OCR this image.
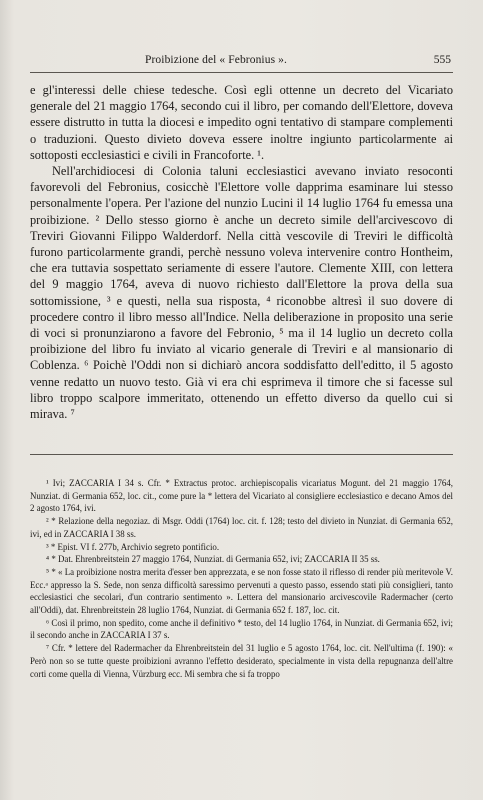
Proibizione del « Febronius ».	555

e gl'interessi delle chiese tedesche. Così egli ottenne un decreto del Vicariato generale del 21 maggio 1764, secondo cui il libro, per comando dell'Elettore, doveva essere distrutto in tutta la diocesi e impedito ogni tentativo di stampare complementi o traduzioni. Questo divieto doveva essere inoltre ingiunto particolarmente ai sottoposti ecclesiastici e civili in Francoforte. ¹.

Nell'archidiocesi di Colonia taluni ecclesiastici avevano inviato resoconti favorevoli del Febronius, cosicchè l'Elettore volle dapprima esaminare lui stesso personalmente l'opera. Per l'azione del nunzio Lucini il 14 luglio 1764 fu emessa una proibizione. ² Dello stesso giorno è anche un decreto simile dell'arcivescovo di Treviri Giovanni Filippo Walderdorf. Nella città vescovile di Treviri le difficoltà furono particolarmente grandi, perchè nessuno voleva intervenire contro Hontheim, che era tuttavia sospettato seriamente di essere l'autore. Clemente XIII, con lettera del 9 maggio 1764, aveva di nuovo richiesto dall'Elettore la prova della sua sottomissione, ³ e questi, nella sua risposta, ⁴ riconobbe altresì il suo dovere di procedere contro il libro messo all'Indice. Nella deliberazione in proposito una serie di voci si pronunziarono a favore del Febronio, ⁵ ma il 14 luglio un decreto colla proibizione del libro fu inviato al vicario generale di Treviri e al mansionario di Coblenza. ⁶ Poichè l'Oddi non si dichiarò ancora soddisfatto dell'editto, il 5 agosto venne redatto un nuovo testo. Già vi era chi esprimeva il timore che si facesse sul libro troppo scalpore immeritato, ottenendo un effetto diverso da quello cui si mirava. ⁷

¹ Ivi; ZACCARIA I 34 s. Cfr. * Extractus protoc. archiepiscopalis vicariatus Mogunt. del 21 maggio 1764, Nunziat. di Germania 652, loc. cit., come pure la * lettera del Vicariato al consigliere ecclesiastico e decano Amos del 2 agosto 1764, ivi.

² * Relazione della negoziaz. di Msgr. Oddi (1764) loc. cit. f. 128; testo del divieto in Nunziat. di Germania 652, ivi, ed in ZACCARIA I 38 ss.

³ * Epist. VI f. 277b, Archivio segreto pontificio.

⁴ * Dat. Ehrenbreitstein 27 maggio 1764, Nunziat. di Germania 652, ivi; ZACCARIA II 35 ss.

⁵ * « La proibizione nostra merita d'esser ben apprezzata, e se non fosse stato il riflesso di render più meritevole V. Ecc.ᵃ appresso la S. Sede, non senza difficoltà saressimo pervenuti a questo passo, essendo stati più consiglieri, tanto ecclesiastici che secolari, d'un contrario sentimento ». Lettera del mansionario arcivescovile Radermacher (certo all'Oddi), dat. Ehrenbreitstein 28 luglio 1764, Nunziat. di Germania 652 f. 187, loc. cit.

⁶ Così il primo, non spedito, come anche il definitivo * testo, del 14 luglio 1764, in Nunziat. di Germania 652, ivi; il secondo anche in ZACCARIA I 37 s.

⁷ Cfr. * lettere del Radermacher da Ehrenbreitstein del 31 luglio e 5 agosto 1764, loc. cit. Nell'ultima (f. 190): « Però non so se tutte queste proibizioni avranno l'effetto desiderato, specialmente in vista della repugnanza dell'altre corti come quella di Vienna, Vürzburg ecc. Mi sembra che si fa troppo
